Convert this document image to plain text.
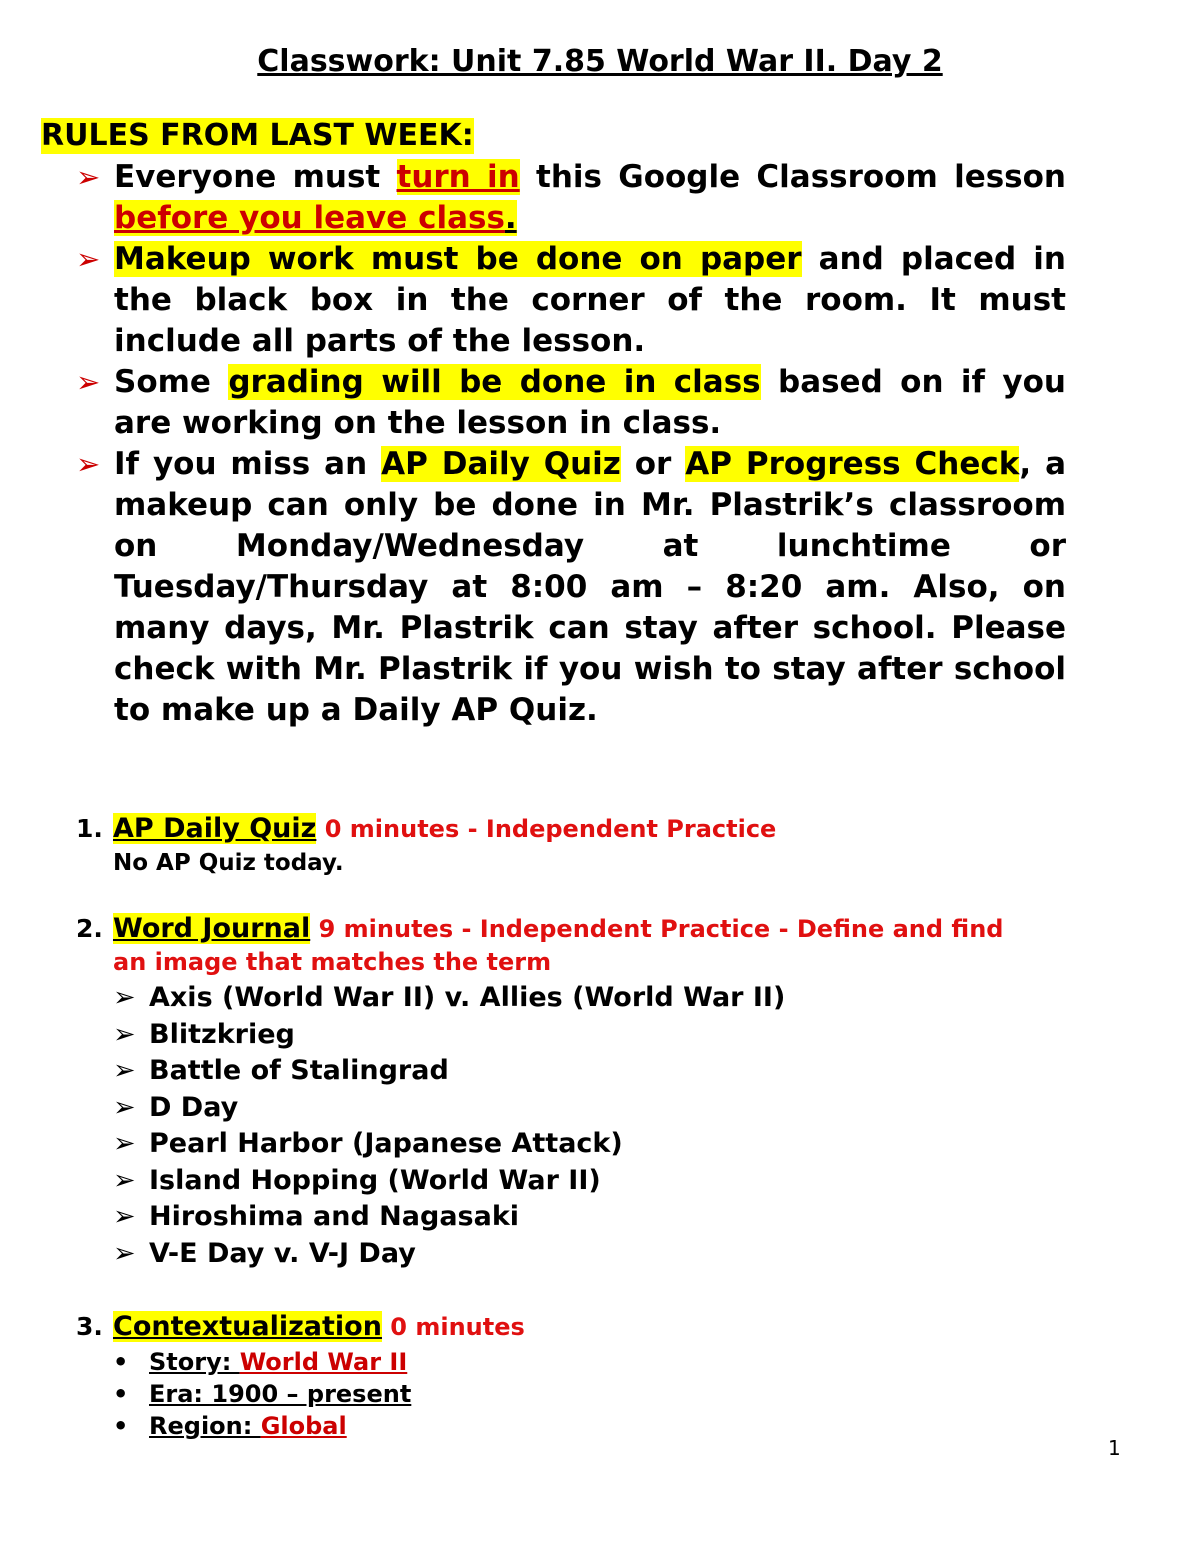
Classwork: Unit 7.85 World War II. Day 2
RULES FROM LAST WEEK:
➢ Everyone must turn in this Google Classroom lesson before you leave class.
➢ Makeup work must be done on paper and placed in the black box in the corner of the room. It must include all parts of the lesson.
➢ Some grading will be done in class based on if you are working on the lesson in class.
➢ If you miss an AP Daily Quiz or AP Progress Check, a makeup can only be done in Mr. Plastrik’s classroom on Monday/Wednesday at lunchtime or Tuesday/Thursday at 8:00 am – 8:20 am. Also, on many days, Mr. Plastrik can stay after school. Please check with Mr. Plastrik if you wish to stay after school to make up a Daily AP Quiz.
1. AP Daily Quiz 0 minutes - Independent Practice
No AP Quiz today.
2. Word Journal 9 minutes - Independent Practice - Define and find
an image that matches the term
➢ Axis (World War II) v. Allies (World War II)
➢ Blitzkrieg
➢ Battle of Stalingrad
➢ D Day
➢ Pearl Harbor (Japanese Attack)
➢ Island Hopping (World War II)
➢ Hiroshima and Nagasaki
➢ V-E Day v. V-J Day
3. Contextualization 0 minutes
• Story: World War II
• Era: 1900 – present
• Region: Global
1
